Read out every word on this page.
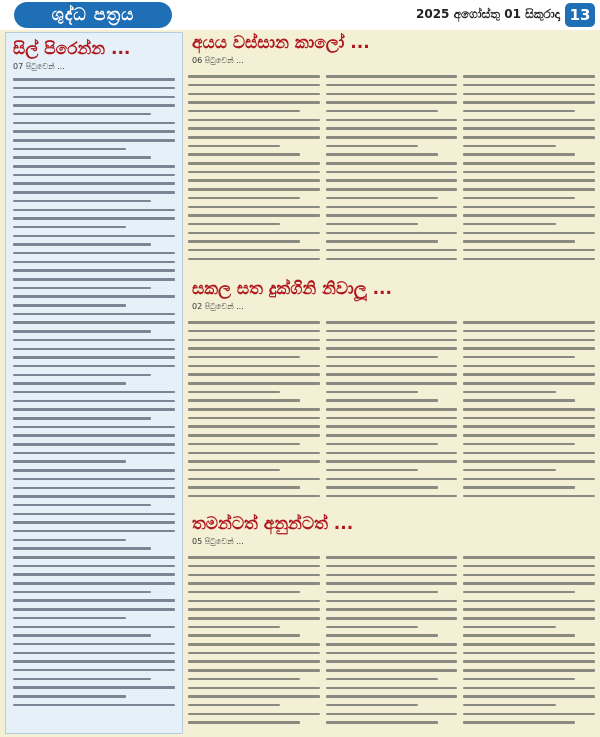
ශුද්ධ පත්‍රය	2025 අගෝස්තු 01 සිකුරාදා 13
සිල් පිරෙන්න ...
07 පිටුවෙන් ...
අයය වස්සාන කාලෝ ...
06 පිටුවෙන් ...
සකල සත දුක්ගිනි නිවාලූ ...
02 පිටුවෙන් ...
තමන්ටත් අනුන්ටත් ...
05 පිටුවෙන් ...
